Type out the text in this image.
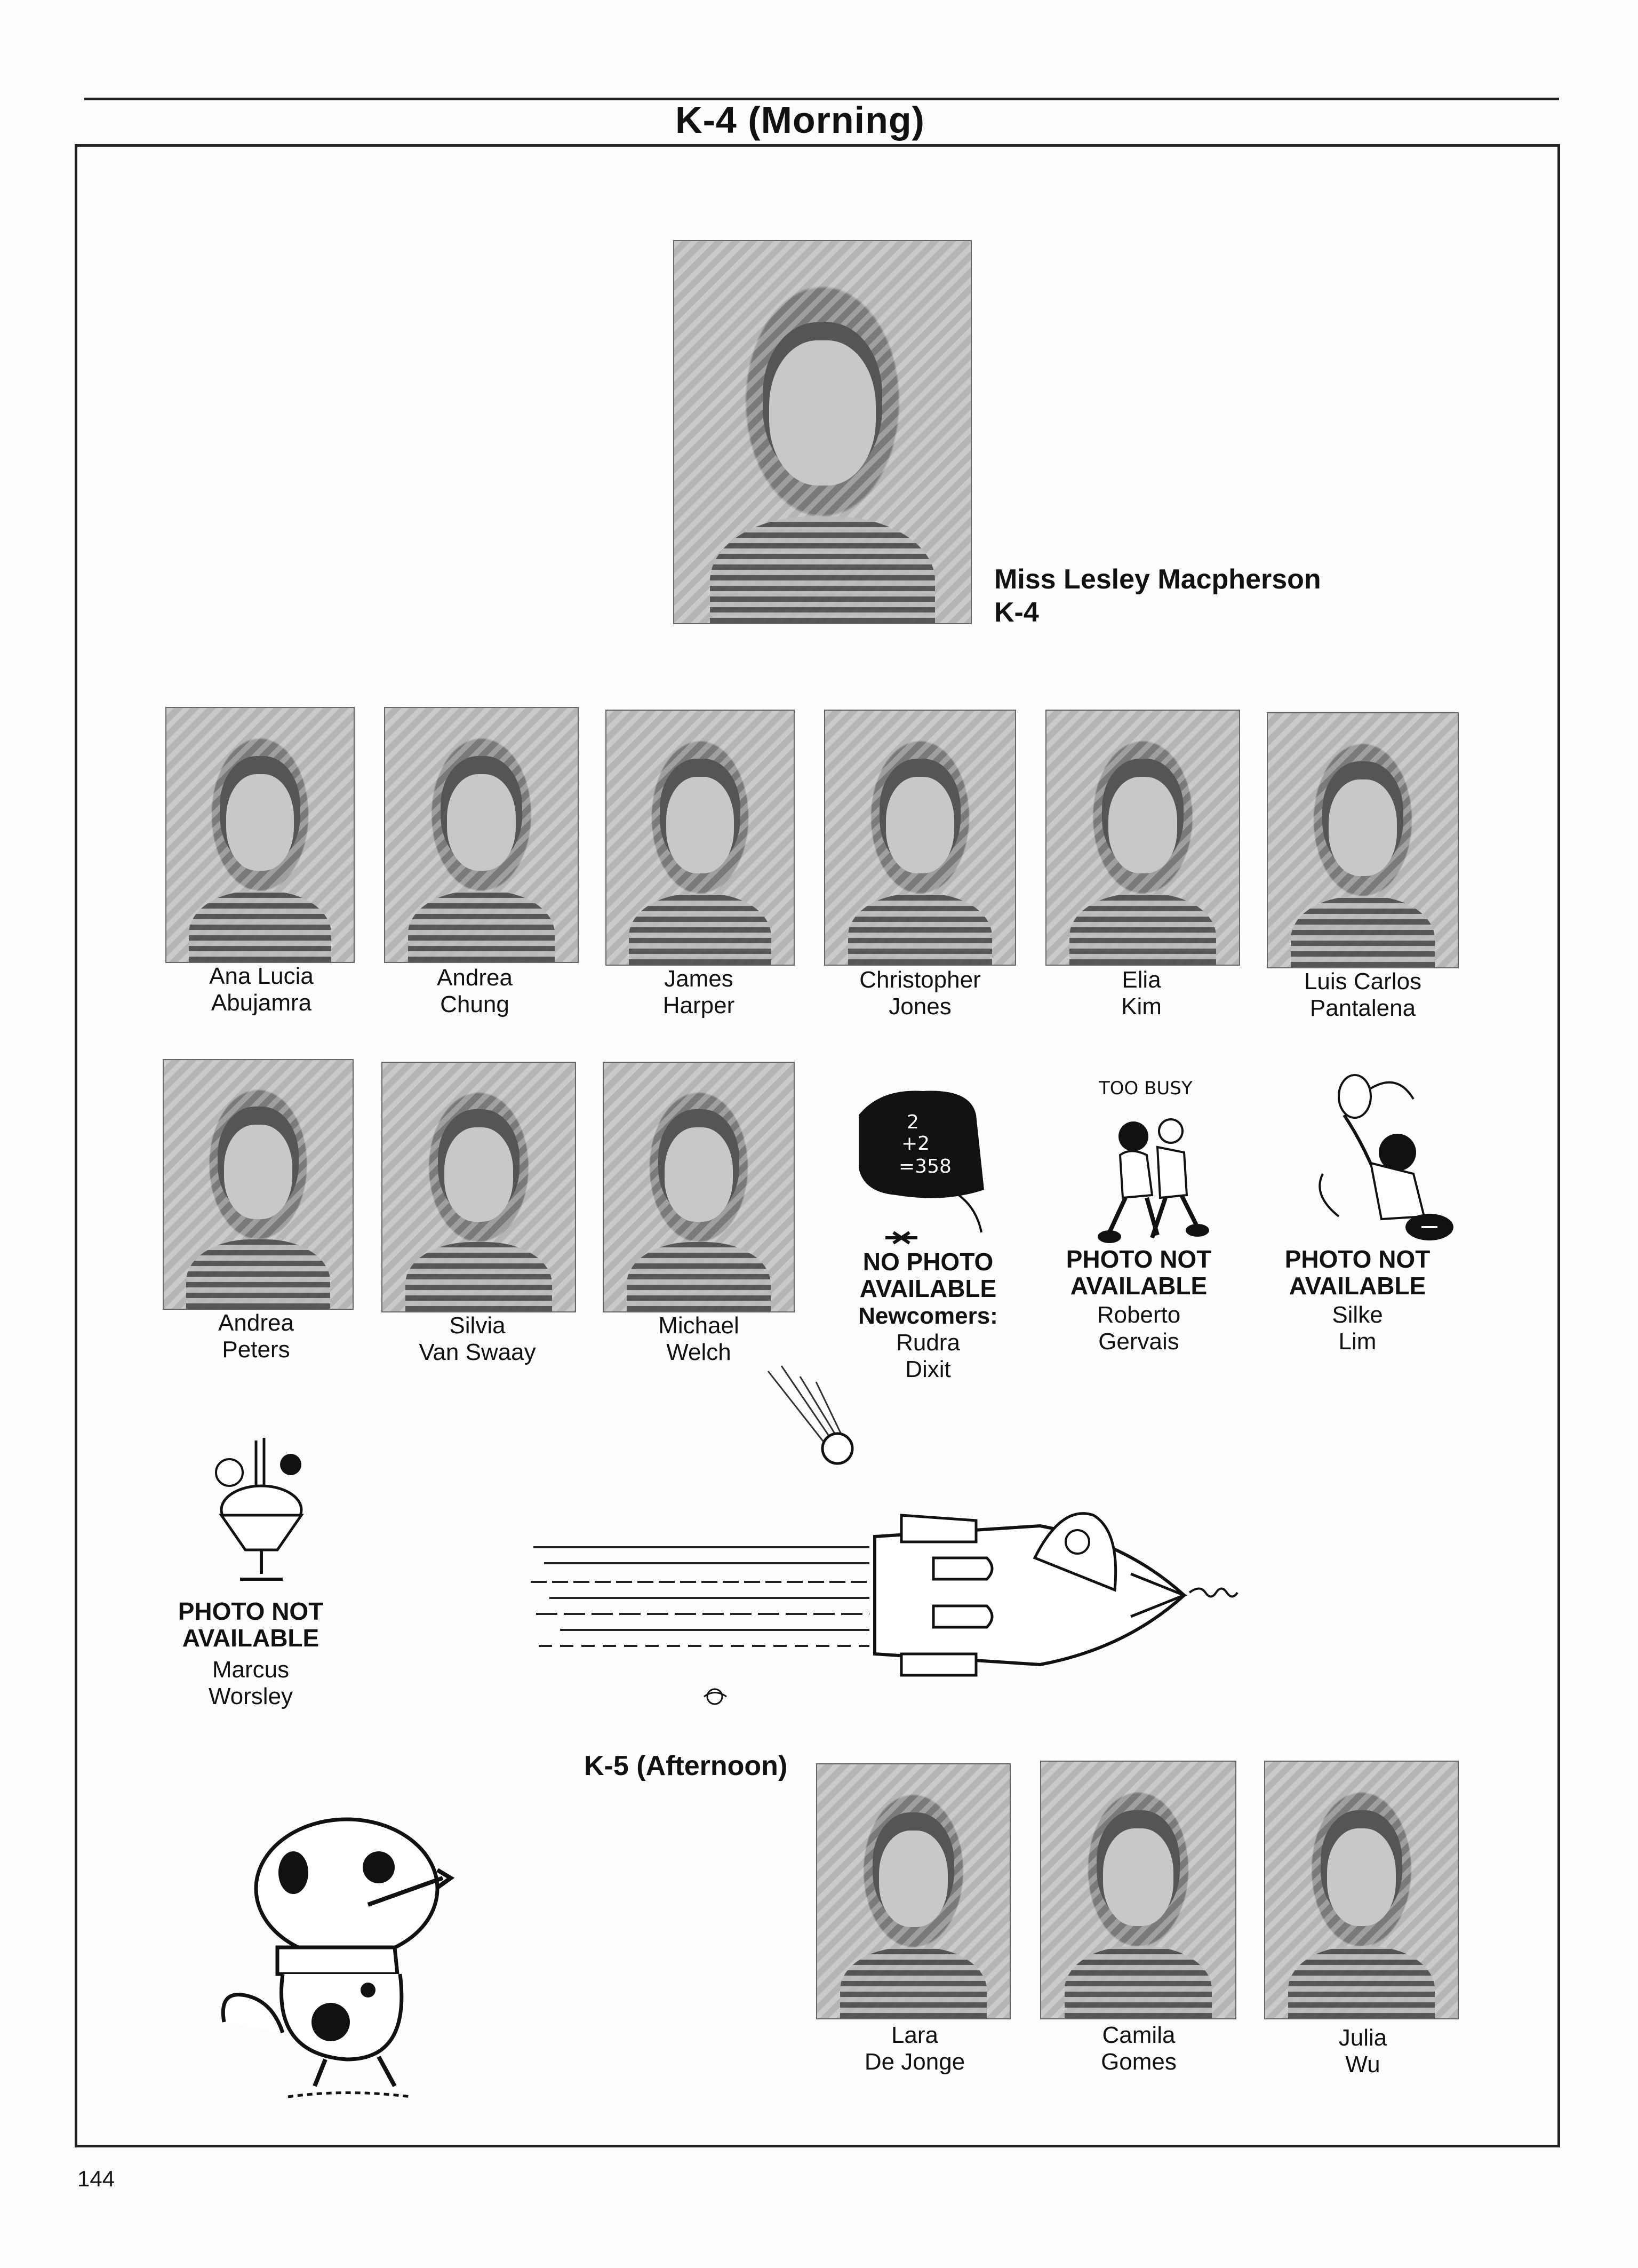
K-4 (Morning)
Miss Lesley Macpherson
K-4
Ana Lucia
Abujamra
Andrea
Chung
James
Harper
Christopher
Jones
Elia
Kim
Luis Carlos
Pantalena
Andrea
Peters
Silvia
Van Swaay
Michael
Welch
2
+2
=358
NO PHOTO
AVAILABLE
Newcomers:
Rudra
Dixit
TOO BUSY
PHOTO NOT
AVAILABLE
Roberto
Gervais
PHOTO NOT
AVAILABLE
Silke
Lim
PHOTO NOT
AVAILABLE
Marcus
Worsley
K-5 (Afternoon)
Lara
De Jonge
Camila
Gomes
Julia
Wu
144
